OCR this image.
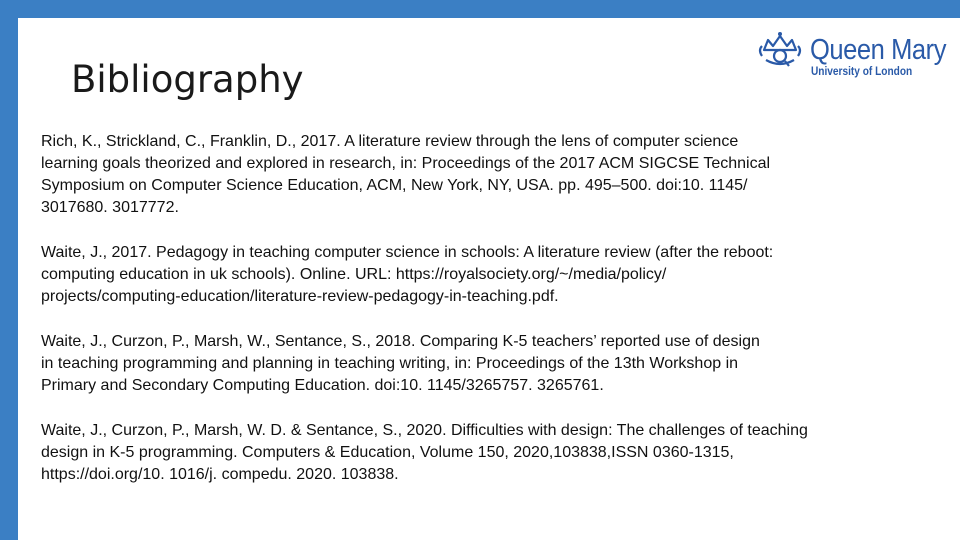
Bibliography
Queen Mary
University of London

Rich, K., Strickland, C., Franklin, D., 2017. A literature review through the lens of computer science
learning goals theorized and explored in research, in: Proceedings of the 2017 ACM SIGCSE Technical
Symposium on Computer Science Education, ACM, New York, NY, USA. pp. 495–500. doi:10. 1145/
3017680. 3017772.

Waite, J., 2017. Pedagogy in teaching computer science in schools: A literature review (after the reboot:
computing education in uk schools). Online. URL: https://royalsociety.org/~/media/policy/
projects/computing-education/literature-review-pedagogy-in-teaching.pdf.

Waite, J., Curzon, P., Marsh, W., Sentance, S., 2018. Comparing K-5 teachers’ reported use of design
in teaching programming and planning in teaching writing, in: Proceedings of the 13th Workshop in
Primary and Secondary Computing Education. doi:10. 1145/3265757. 3265761.

Waite, J., Curzon, P., Marsh, W. D. & Sentance, S., 2020. Difficulties with design: The challenges of teaching
design in K-5 programming. Computers & Education, Volume 150, 2020,103838,ISSN 0360-1315,
https://doi.org/10. 1016/j. compedu. 2020. 103838.
